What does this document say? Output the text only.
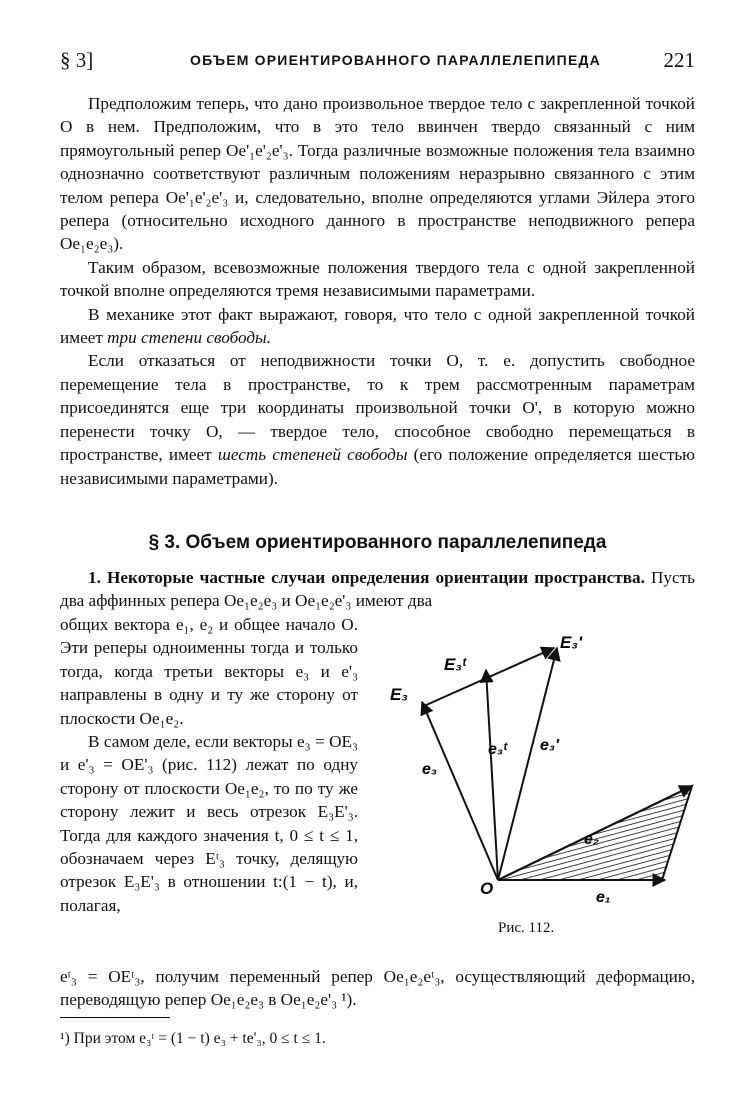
§ 3]	ОБЪЕМ ОРИЕНТИРОВАННОГО ПАРАЛЛЕЛЕПИПЕДА	221

Предположим теперь, что дано произвольное твердое тело с закрепленной точкой O в нем. Предположим, что в это тело ввинчен твердо связанный с ним прямоугольный репер Oe'₁e'₂e'₃. Тогда различные возможные положения тела взаимно однозначно соответствуют различным положениям неразрывно связанного с этим телом репера Oe'₁e'₂e'₃ и, следовательно, вполне определяются углами Эйлера этого репера (относительно исходного данного в пространстве неподвижного репера Oe₁e₂e₃).

Таким образом, всевозможные положения твердого тела с одной закрепленной точкой вполне определяются тремя независимыми параметрами.

В механике этот факт выражают, говоря, что тело с одной закрепленной точкой имеет три степени свободы.

Если отказаться от неподвижности точки O, т. е. допустить свободное перемещение тела в пространстве, то к трем рассмотренным параметрам присоединятся еще три координаты произвольной точки O', в которую можно перенести точку O, — твердое тело, способное свободно перемещаться в пространстве, имеет шесть степеней свободы (его положение определяется шестью независимыми параметрами).

§ 3. Объем ориентированного параллелепипеда

1. Некоторые частные случаи определения ориентации пространства. Пусть два аффинных репера Oe₁e₂e₃ и Oe₁e₂e'₃ имеют два

общих вектора e₁, e₂ и общее начало O. Эти реперы одноименны тогда и только тогда, когда третьи векторы e₃ и e'₃ направлены в одну и ту же сторону от плоскости Oe₁e₂.

В самом деле, если векторы e₃ = OE₃ и e'₃ = OE'₃ (рис. 112) лежат по одну сторону от плоскости Oe₁e₂, то по ту же сторону лежит и весь отрезок E₃E'₃. Тогда для каждого значения t, 0 ≤ t ≤ 1, обозначаем через Eᵗ₃ точку, делящую отрезок E₃E'₃ в отношении t:(1 − t), и, полагая,

eᵗ₃ = OEᵗ₃, получим переменный репер Oe₁e₂eᵗ₃, осуществляющий деформацию, переводящую репер Oe₁e₂e₃ в Oe₁e₂e'₃ ¹).

E₃
E₃ᵗ
E₃'
e₃
e₃ᵗ e₃'
e₂
e₁
O
Рис. 112.
¹) При этом e₃ᵗ = (1 − t) e₃ + te'₃, 0 ≤ t ≤ 1.
